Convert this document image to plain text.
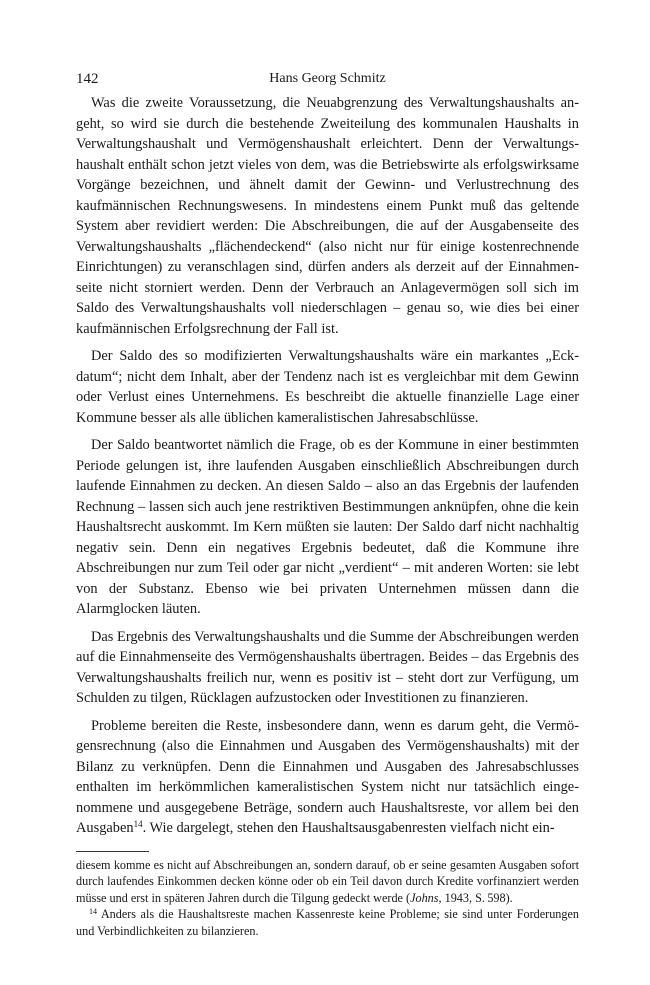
142	Hans Georg Schmitz

Was die zweite Voraussetzung, die Neuabgrenzung des Verwaltungshaushalts angeht, so wird sie durch die bestehende Zweiteilung des kommunalen Haushalts in Verwaltungshaushalt und Vermögenshaushalt erleichtert. Denn der Verwaltungshaushalt enthält schon jetzt vieles von dem, was die Betriebswirte als erfolgswirksame Vorgänge bezeichnen, und ähnelt damit der Gewinn- und Verlustrechnung des kaufmännischen Rechnungswesens. In mindestens einem Punkt muß das geltende System aber revidiert werden: Die Abschreibungen, die auf der Ausgabenseite des Verwaltungshaushalts „flächendeckend“ (also nicht nur für einige kostenrechnende Einrichtungen) zu veranschlagen sind, dürfen anders als derzeit auf der Einnahmenseite nicht storniert werden. Denn der Verbrauch an Anlagevermögen soll sich im Saldo des Verwaltungshaushalts voll niederschlagen – genau so, wie dies bei einer kaufmännischen Erfolgsrechnung der Fall ist.

Der Saldo des so modifizierten Verwaltungshaushalts wäre ein markantes „Eckdatum“; nicht dem Inhalt, aber der Tendenz nach ist es vergleichbar mit dem Gewinn oder Verlust eines Unternehmens. Es beschreibt die aktuelle finanzielle Lage einer Kommune besser als alle üblichen kameralistischen Jahresabschlüsse.

Der Saldo beantwortet nämlich die Frage, ob es der Kommune in einer bestimmten Periode gelungen ist, ihre laufenden Ausgaben einschließlich Abschreibungen durch laufende Einnahmen zu decken. An diesen Saldo – also an das Ergebnis der laufenden Rechnung – lassen sich auch jene restriktiven Bestimmungen anknüpfen, ohne die kein Haushaltsrecht auskommt. Im Kern müßten sie lauten: Der Saldo darf nicht nachhaltig negativ sein. Denn ein negatives Ergebnis bedeutet, daß die Kommune ihre Abschreibungen nur zum Teil oder gar nicht „verdient“ – mit anderen Worten: sie lebt von der Substanz. Ebenso wie bei privaten Unternehmen müssen dann die Alarmglocken läuten.

Das Ergebnis des Verwaltungshaushalts und die Summe der Abschreibungen werden auf die Einnahmenseite des Vermögenshaushalts übertragen. Beides – das Ergebnis des Verwaltungshaushalts freilich nur, wenn es positiv ist – steht dort zur Verfügung, um Schulden zu tilgen, Rücklagen aufzustocken oder Investitionen zu finanzieren.

Probleme bereiten die Reste, insbesondere dann, wenn es darum geht, die Vermögensrechnung (also die Einnahmen und Ausgaben des Vermögenshaushalts) mit der Bilanz zu verknüpfen. Denn die Einnahmen und Ausgaben des Jahresabschlusses enthalten im herkömmlichen kameralistischen System nicht nur tatsächlich eingenommene und ausgegebene Beträge, sondern auch Haushaltsreste, vor allem bei den Ausgaben$^{14}$. Wie dargelegt, stehen den Haushaltsausgabenresten vielfach nicht ein-

diesem komme es nicht auf Abschreibungen an, sondern darauf, ob er seine gesamten Ausgaben sofort durch laufendes Einkommen decken könne oder ob ein Teil davon durch Kredite vorfinanziert werden müsse und erst in späteren Jahren durch die Tilgung gedeckt werde (Johns, 1943, S. 598).

$^{14}$ Anders als die Haushaltsreste machen Kassenreste keine Probleme; sie sind unter Forderungen und Verbindlichkeiten zu bilanzieren.
